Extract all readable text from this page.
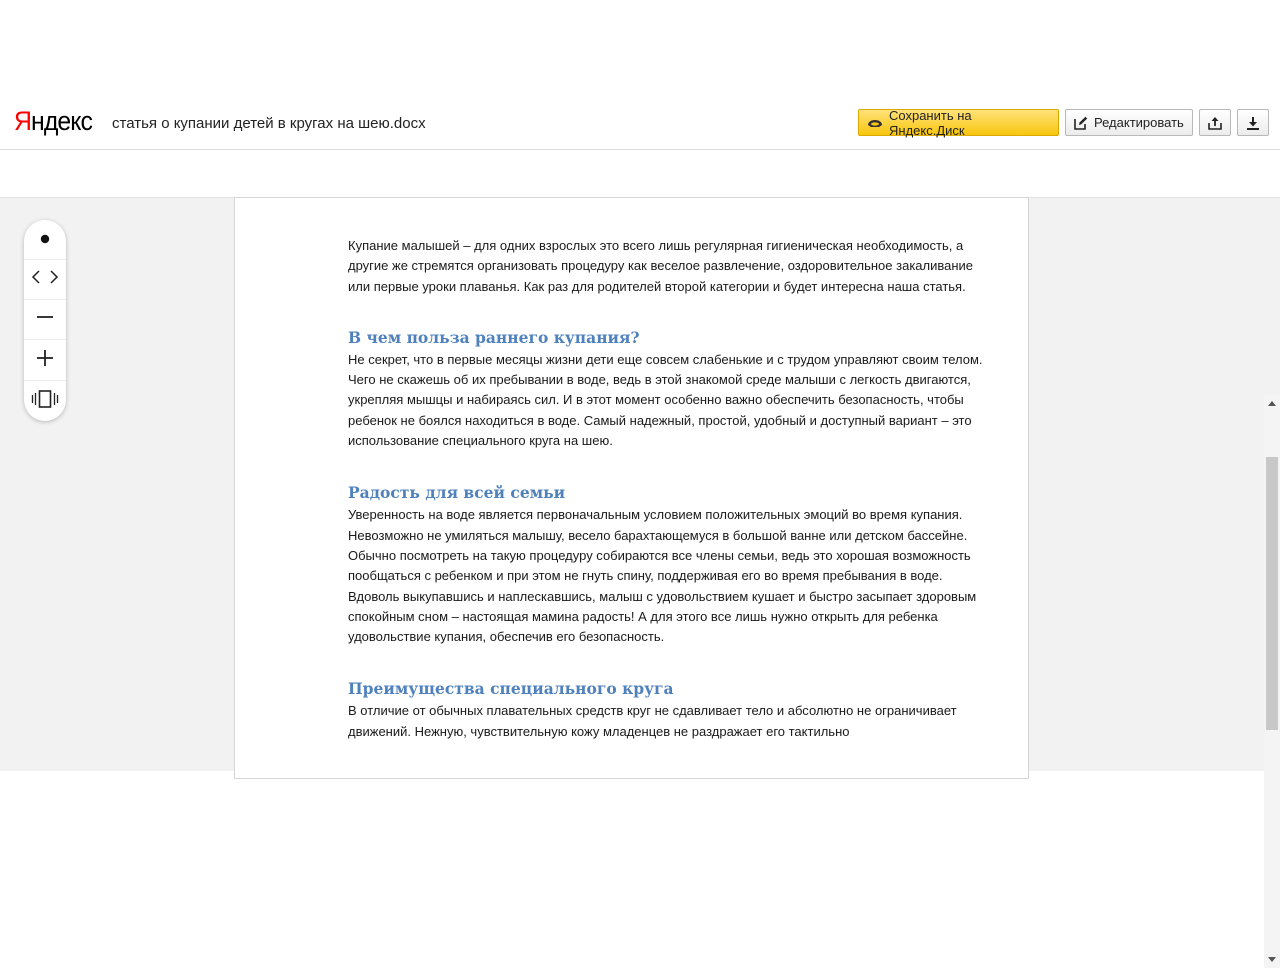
Яндекс статья о купании детей в кругах на шею.docx	Сохранить на Яндекс.Диск	Редактировать

Купание малышей – для одних взрослых это всего лишь регулярная гигиеническая необходимость, а другие же стремятся организовать процедуру как веселое развлечение, оздоровительное закаливание или первые уроки плаванья. Как раз для родителей второй категории и будет интересна наша статья.

В чем польза раннего купания?

Не секрет, что в первые месяцы жизни дети еще совсем слабенькие и с трудом управляют своим телом. Чего не скажешь об их пребывании в воде, ведь в этой знакомой среде малыши с легкость двигаются, укрепляя мышцы и набираясь сил. И в этот момент особенно важно обеспечить безопасность, чтобы ребенок не боялся находиться в воде. Самый надежный, простой, удобный и доступный вариант – это использование специального круга на шею.

Радость для всей семьи

Уверенность на воде является первоначальным условием положительных эмоций во время купания. Невозможно не умиляться малышу, весело барахтающемуся в большой ванне или детском бассейне. Обычно посмотреть на такую процедуру собираются все члены семьи, ведь это хорошая возможность пообщаться с ребенком и при этом не гнуть спину, поддерживая его во время пребывания в воде. Вдоволь выкупавшись и наплескавшись, малыш с удовольствием кушает и быстро засыпает здоровым спокойным сном – настоящая мамина радость! А для этого все лишь нужно открыть для ребенка удовольствие купания, обеспечив его безопасность.

Преимущества специального круга

В отличие от обычных плавательных средств круг не сдавливает тело и абсолютно не ограничивает движений. Нежную, чувствительную кожу младенцев не раздражает его тактильно
